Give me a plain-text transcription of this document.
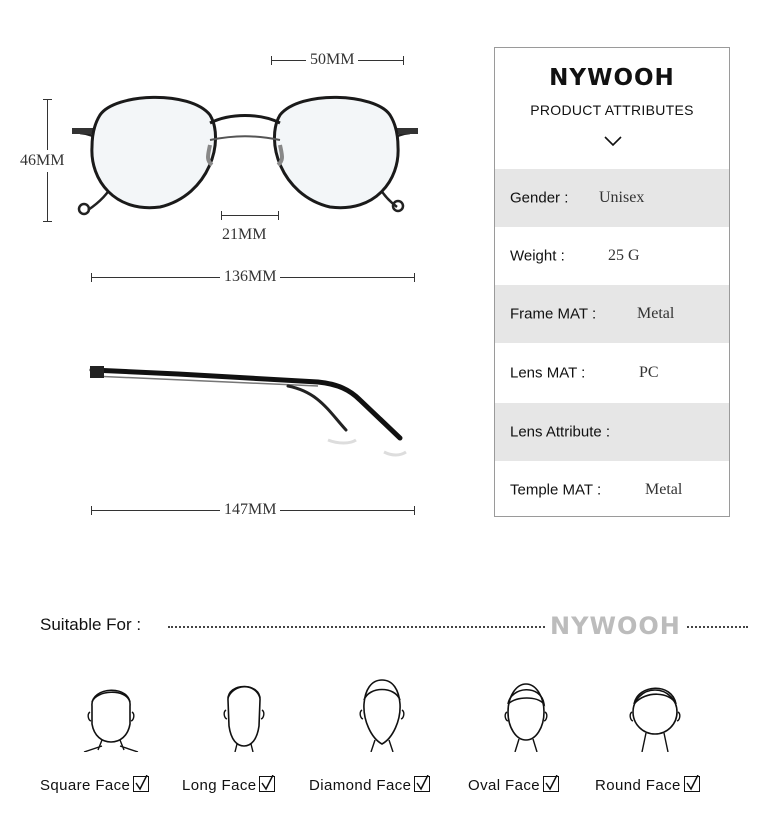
50MM
46MM
21MM
136MM
147MM
NYWOOH
PRODUCT ATTRIBUTES
Gender : Unisex
Weight :	25 G
Frame MAT :	Metal
Lens MAT :	PC
Lens Attribute :
Temple MAT :	Metal
Suitable For :	NYWOOH
Square Face	Long Face	Diamond Face	Oval Face	Round Face
